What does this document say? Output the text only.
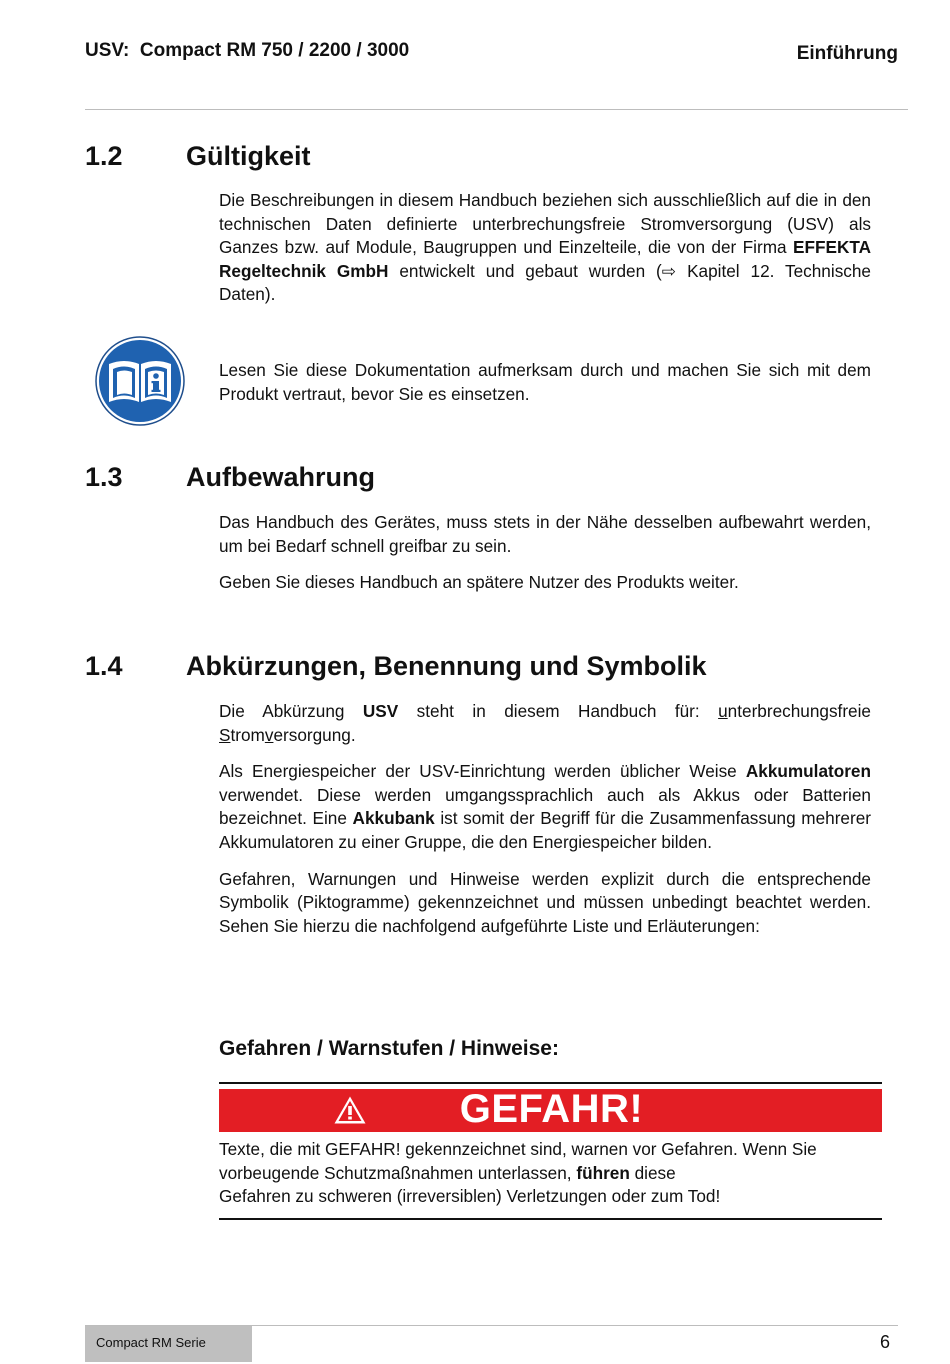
USV:  Compact RM 750 / 2200 / 3000	Einführung
1.2 Gültigkeit

Die Beschreibungen in diesem Handbuch beziehen sich ausschließlich auf die in den technischen Daten definierte unterbrechungsfreie Stromversorgung (USV) als Ganzes bzw. auf Module, Baugruppen und Einzelteile, die von der Firma EFFEKTA Regeltechnik GmbH entwickelt und gebaut wurden (⇨ Kapitel 12. Technische Daten).

Lesen Sie diese Dokumentation aufmerksam durch und machen Sie sich mit dem Produkt vertraut, bevor Sie es einsetzen.

1.3 Aufbewahrung

Das Handbuch des Gerätes, muss stets in der Nähe desselben aufbewahrt werden, um bei Bedarf schnell greifbar zu sein.

Geben Sie dieses Handbuch an spätere Nutzer des Produkts weiter.

1.4 Abkürzungen, Benennung und Symbolik

Die Abkürzung USV steht in diesem Handbuch für: unterbrechungsfreie Stromversorgung.

Als Energiespeicher der USV-Einrichtung werden üblicher Weise Akkumulatoren verwendet. Diese werden umgangssprachlich auch als Akkus oder Batterien bezeichnet. Eine Akkubank ist somit der Begriff für die Zusammenfassung mehrerer Akkumulatoren zu einer Gruppe, die den Energiespeicher bilden.

Gefahren, Warnungen und Hinweise werden explizit durch die entsprechende Symbolik (Piktogramme) gekennzeichnet und müssen unbedingt beachtet werden. Sehen Sie hierzu die nachfolgend aufgeführte Liste und Erläuterungen:

Gefahren / Warnstufen / Hinweise:
GEFAHR!
Texte, die mit GEFAHR! gekennzeichnet sind, warnen vor Gefahren. Wenn Sie vorbeugende Schutzmaßnahmen unterlassen, führen diese
Gefahren zu schweren (irreversiblen) Verletzungen oder zum Tod!
Compact RM Serie	6
